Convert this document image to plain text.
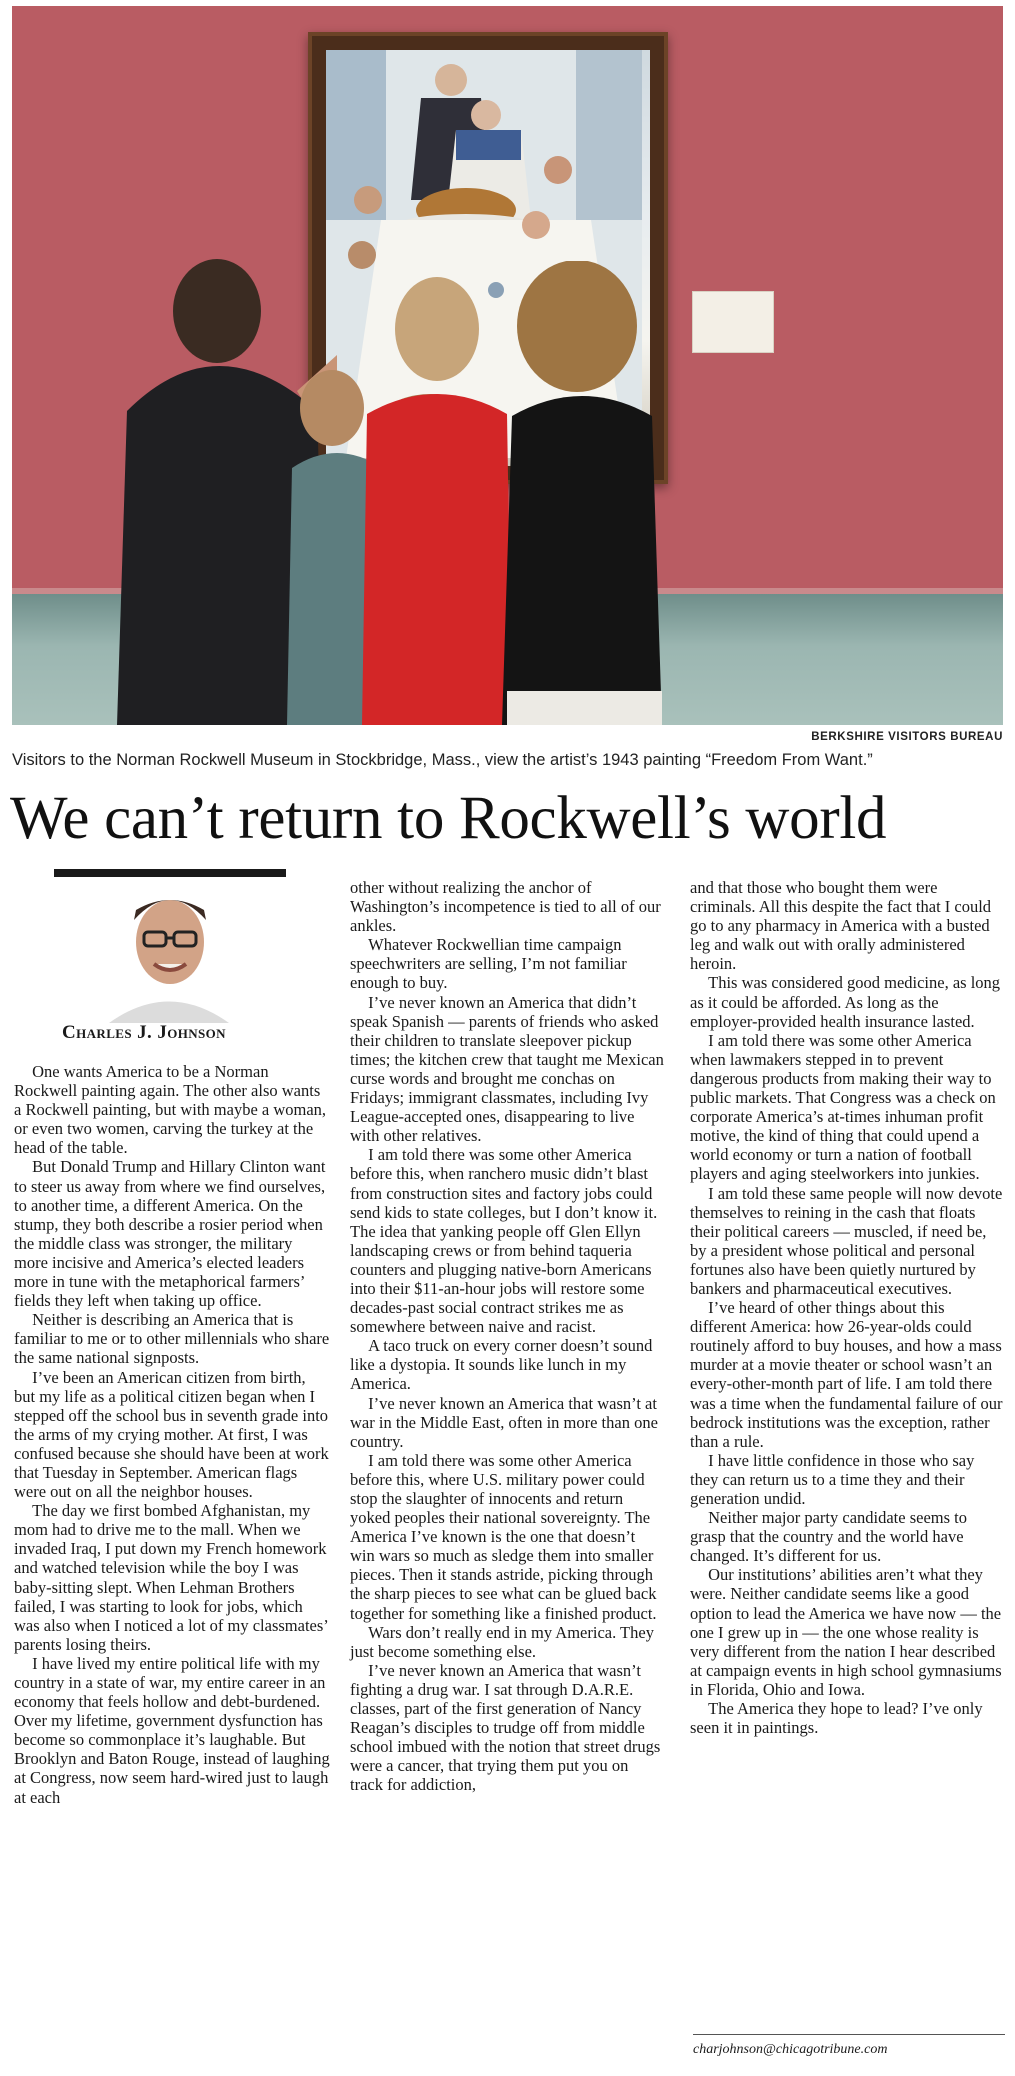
BERKSHIRE VISITORS BUREAU
Visitors to the Norman Rockwell Museum in Stockbridge, Mass., view the artist’s 1943 painting “Freedom From Want.”
We can’t return to Rockwell’s world
Charles J. Johnson

One wants America to be a Norman Rockwell painting again. The other also wants a Rockwell painting, but with maybe a woman, or even two women, carving the turkey at the head of the table.

But Donald Trump and Hillary Clinton want to steer us away from where we find ourselves, to another time, a different America. On the stump, they both describe a rosier period when the middle class was stronger, the military more incisive and America’s elected leaders more in tune with the metaphorical farmers’ fields they left when taking up office.

Neither is describing an America that is familiar to me or to other millennials who share the same national signposts.

I’ve been an American citizen from birth, but my life as a political citizen began when I stepped off the school bus in seventh grade into the arms of my crying mother. At first, I was confused because she should have been at work that Tuesday in September. American flags were out on all the neighbor houses.

The day we first bombed Afghanistan, my mom had to drive me to the mall. When we invaded Iraq, I put down my French homework and watched television while the boy I was baby-sitting slept. When Lehman Brothers failed, I was starting to look for jobs, which was also when I noticed a lot of my classmates’ parents losing theirs.

I have lived my entire political life with my country in a state of war, my entire career in an economy that feels hollow and debt-burdened. Over my lifetime, government dysfunction has become so commonplace it’s laughable. But Brooklyn and Baton Rouge, instead of laughing at Congress, now seem hard-wired just to laugh at each

other without realizing the anchor of Washington’s incompetence is tied to all of our ankles.

Whatever Rockwellian time campaign speechwriters are selling, I’m not familiar enough to buy.

I’ve never known an America that didn’t speak Spanish — parents of friends who asked their children to translate sleepover pickup times; the kitchen crew that taught me Mexican curse words and brought me conchas on Fridays; immigrant classmates, including Ivy League-accepted ones, disappearing to live with other relatives.

I am told there was some other America before this, when ranchero music didn’t blast from construction sites and factory jobs could send kids to state colleges, but I don’t know it. The idea that yanking people off Glen Ellyn landscaping crews or from behind taqueria counters and plugging native-born Americans into their $11-an-hour jobs will restore some decades-past social contract strikes me as somewhere between naive and racist.

A taco truck on every corner doesn’t sound like a dystopia. It sounds like lunch in my America.

I’ve never known an America that wasn’t at war in the Middle East, often in more than one country.

I am told there was some other America before this, where U.S. military power could stop the slaughter of innocents and return yoked peoples their national sovereignty. The America I’ve known is the one that doesn’t win wars so much as sledge them into smaller pieces. Then it stands astride, picking through the sharp pieces to see what can be glued back together for something like a finished product.

Wars don’t really end in my America. They just become something else.

I’ve never known an America that wasn’t fighting a drug war. I sat through D.A.R.E. classes, part of the first generation of Nancy Reagan’s disciples to trudge off from middle school imbued with the notion that street drugs were a cancer, that trying them put you on track for addiction,

and that those who bought them were criminals. All this despite the fact that I could go to any pharmacy in America with a busted leg and walk out with orally administered heroin.

This was considered good medicine, as long as it could be afforded. As long as the employer-provided health insurance lasted.

I am told there was some other America when lawmakers stepped in to prevent dangerous products from making their way to public markets. That Congress was a check on corporate America’s at-times inhuman profit motive, the kind of thing that could upend a world economy or turn a nation of football players and aging steelworkers into junkies.

I am told these same people will now devote themselves to reining in the cash that floats their political careers — muscled, if need be, by a president whose political and personal fortunes also have been quietly nurtured by bankers and pharmaceutical executives.

I’ve heard of other things about this different America: how 26-year-olds could routinely afford to buy houses, and how a mass murder at a movie theater or school wasn’t an every-other-month part of life. I am told there was a time when the fundamental failure of our bedrock institutions was the exception, rather than a rule.

I have little confidence in those who say they can return us to a time they and their generation undid.

Neither major party candidate seems to grasp that the country and the world have changed. It’s different for us.

Our institutions’ abilities aren’t what they were. Neither candidate seems like a good option to lead the America we have now — the one I grew up in — the one whose reality is very different from the nation I hear described at campaign events in high school gymnasiums in Florida, Ohio and Iowa.

The America they hope to lead? I’ve only seen it in paintings.

charjohnson@chicagotribune.com
